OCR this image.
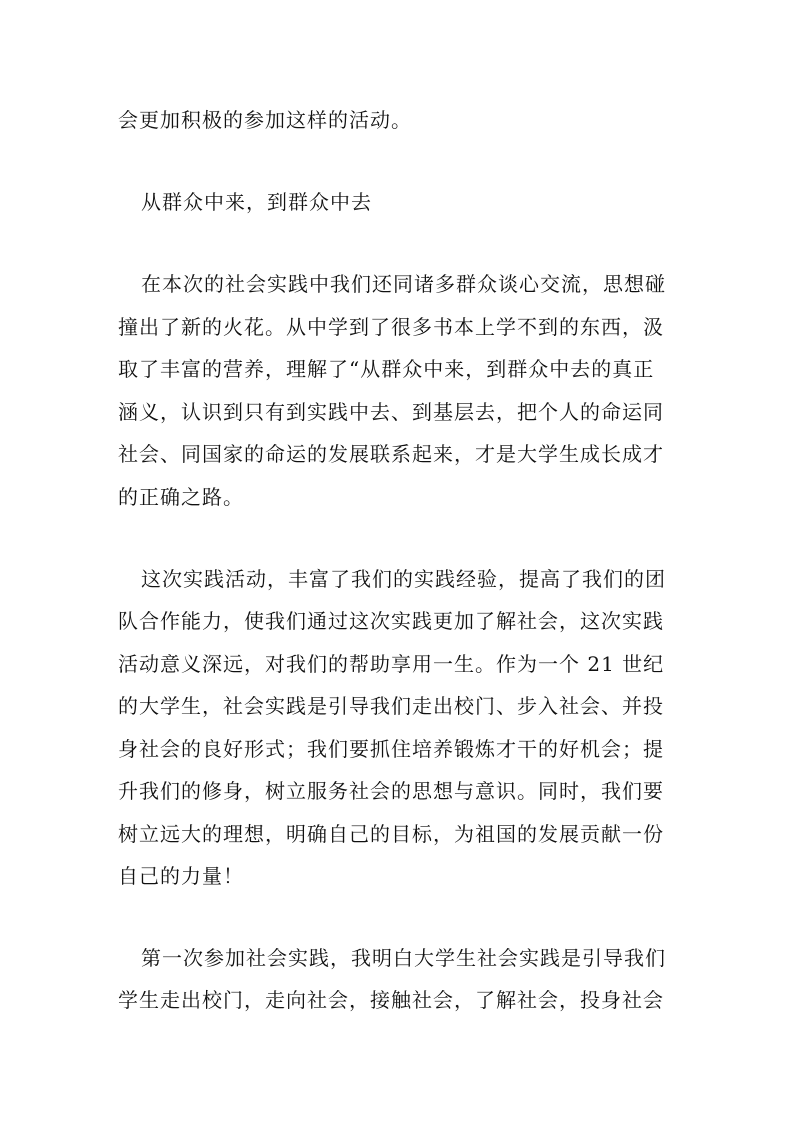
会更加积极的参加这样的活动。
从群众中来，到群众中去
在本次的社会实践中我们还同诸多群众谈心交流，思想碰
撞出了新的火花。从中学到了很多书本上学不到的东西，汲
取了丰富的营养，理解了“从群众中来，到群众中去的真正
涵义，认识到只有到实践中去、到基层去，把个人的命运同
社会、同国家的命运的发展联系起来，才是大学生成长成才
的正确之路。
这次实践活动，丰富了我们的实践经验，提高了我们的团
队合作能力，使我们通过这次实践更加了解社会，这次实践
活动意义深远，对我们的帮助享用一生。作为一个 21 世纪
的大学生，社会实践是引导我们走出校门、步入社会、并投
身社会的良好形式；我们要抓住培养锻炼才干的好机会；提
升我们的修身，树立服务社会的思想与意识。同时，我们要
树立远大的理想，明确自己的目标，为祖国的发展贡献一份
自己的力量！
第一次参加社会实践，我明白大学生社会实践是引导我们
学生走出校门，走向社会，接触社会，了解社会，投身社会
